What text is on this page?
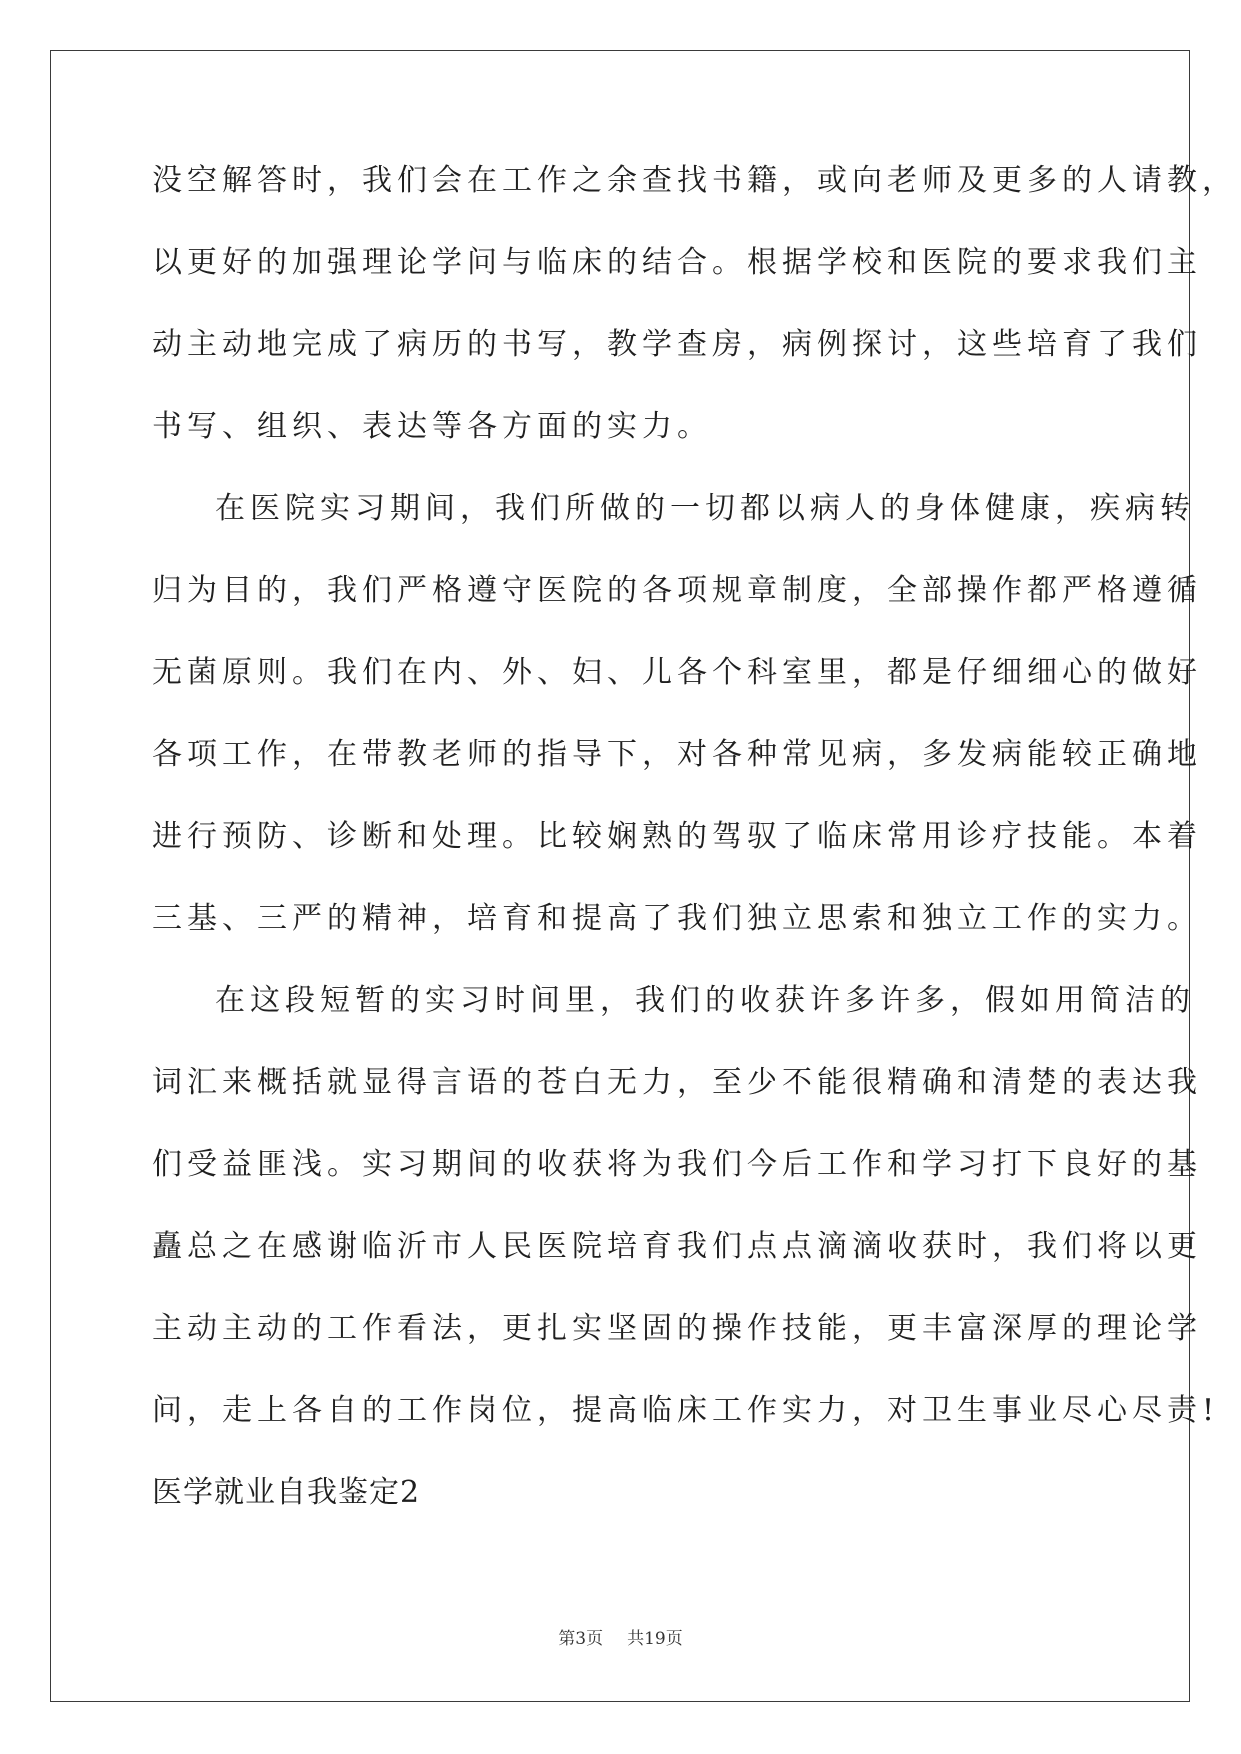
没空解答时，我们会在工作之余查找书籍，或向老师及更多的人请教，
以更好的加强理论学问与临床的结合。根据学校和医院的要求我们主
动主动地完成了病历的书写，教学查房，病例探讨，这些培育了我们
书写、组织、表达等各方面的实力。
在医院实习期间，我们所做的一切都以病人的身体健康，疾病转
归为目的，我们严格遵守医院的各项规章制度，全部操作都严格遵循
无菌原则。我们在内、外、妇、儿各个科室里，都是仔细细心的做好
各项工作，在带教老师的指导下，对各种常见病，多发病能较正确地
进行预防、诊断和处理。比较娴熟的驾驭了临床常用诊疗技能。本着
三基、三严的精神，培育和提高了我们独立思索和独立工作的实力。
在这段短暂的实习时间里，我们的收获许多许多，假如用简洁的
词汇来概括就显得言语的苍白无力，至少不能很精确和清楚的表达我
们受益匪浅。实习期间的收获将为我们今后工作和学习打下良好的基
矗总之在感谢临沂市人民医院培育我们点点滴滴收获时，我们将以更
主动主动的工作看法，更扎实坚固的操作技能，更丰富深厚的理论学
问，走上各自的工作岗位，提高临床工作实力，对卫生事业尽心尽责!
医学就业自我鉴定2
第3页 共19页
